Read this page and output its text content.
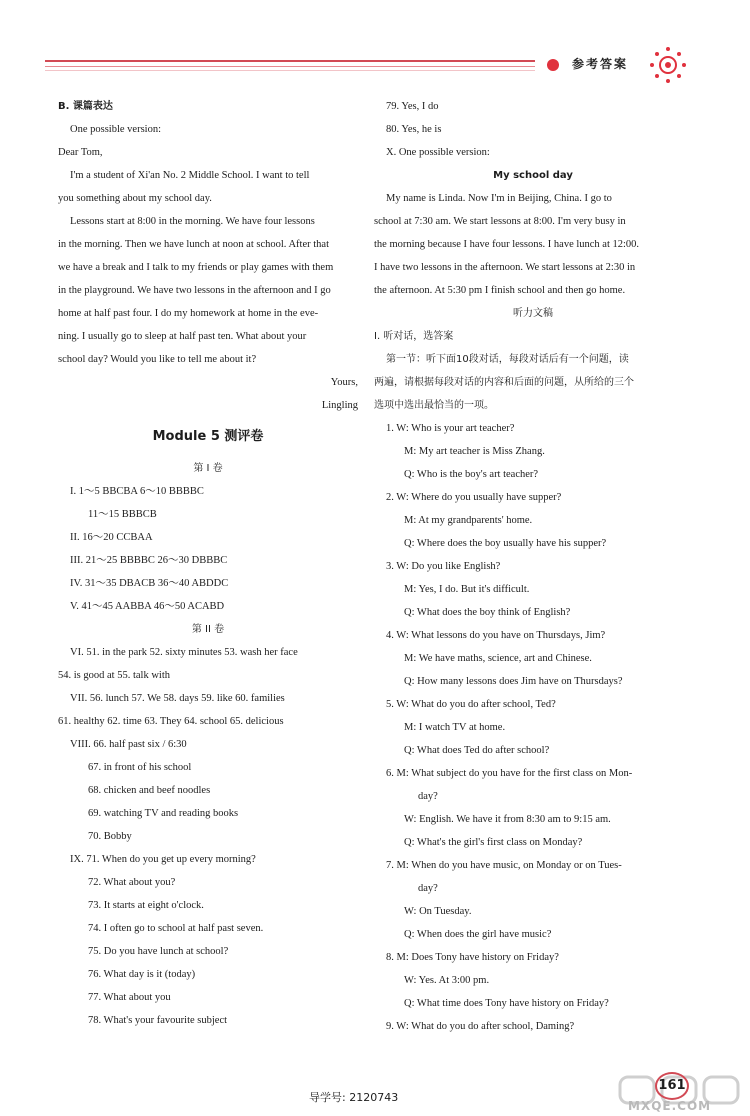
参考答案
B. 课篇表达
One possible version:
Dear Tom,
I'm a student of Xi'an No. 2 Middle School. I want to tell
you something about my school day.
Lessons start at 8:00 in the morning. We have four lessons
in the morning. Then we have lunch at noon at school. After that
we have a break and I talk to my friends or play games with them
in the playground. We have two lessons in the afternoon and I go
home at half past four. I do my homework at home in the eve-
ning. I usually go to sleep at half past ten. What about your
school day? Would you like to tell me about it?
Yours,
Lingling
Module 5 测评卷
第 I 卷
I. 1～5 BBCBA 6～10 BBBBC
11～15 BBBCB
II. 16～20 CCBAA
III. 21～25 BBBBC 26～30 DBBBC
IV. 31～35 DBACB 36～40 ABDDC
V. 41～45 AABBA 46～50 ACABD
第 II 卷
VI. 51. in the park 52. sixty minutes 53. wash her face
54. is good at 55. talk with
VII. 56. lunch 57. We 58. days 59. like 60. families
61. healthy 62. time 63. They 64. school 65. delicious
VIII. 66. half past six / 6:30
67. in front of his school
68. chicken and beef noodles
69. watching TV and reading books
70. Bobby
IX. 71. When do you get up every morning?
72. What about you?
73. It starts at eight o'clock.
74. I often go to school at half past seven.
75. Do you have lunch at school?
76. What day is it (today)
77. What about you
78. What's your favourite subject
79. Yes, I do
80. Yes, he is
X. One possible version:
My school day
My name is Linda. Now I'm in Beijing, China. I go to
school at 7:30 am. We start lessons at 8:00. I'm very busy in
the morning because I have four lessons. I have lunch at 12:00.
I have two lessons in the afternoon. We start lessons at 2:30 in
the afternoon. At 5:30 pm I finish school and then go home.
听力文稿
I. 听对话，选答案
第一节：听下面10段对话，每段对话后有一个问题，读
两遍，请根据每段对话的内容和后面的问题，从所给的三个
选项中选出最恰当的一项。
1. W: Who is your art teacher?
M: My art teacher is Miss Zhang.
Q: Who is the boy's art teacher?
2. W: Where do you usually have supper?
M: At my grandparents' home.
Q: Where does the boy usually have his supper?
3. W: Do you like English?
M: Yes, I do. But it's difficult.
Q: What does the boy think of English?
4. W: What lessons do you have on Thursdays, Jim?
M: We have maths, science, art and Chinese.
Q: How many lessons does Jim have on Thursdays?
5. W: What do you do after school, Ted?
M: I watch TV at home.
Q: What does Ted do after school?
6. M: What subject do you have for the first class on Mon-
day?
W: English. We have it from 8:30 am to 9:15 am.
Q: What's the girl's first class on Monday?
7. M: When do you have music, on Monday or on Tues-
day?
W: On Tuesday.
Q: When does the girl have music?
8. M: Does Tony have history on Friday?
W: Yes. At 3:00 pm.
Q: What time does Tony have history on Friday?
9. W: What do you do after school, Daming?
导学号: 2120743
161
MXQE.COM
